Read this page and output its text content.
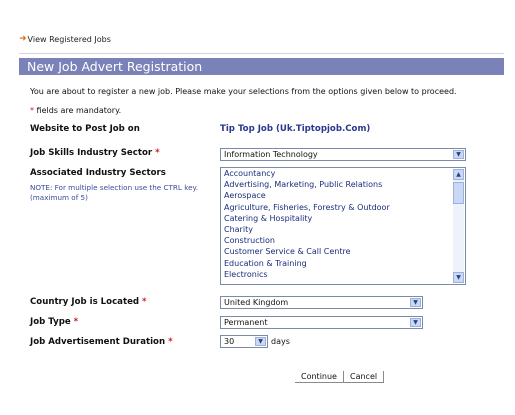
➜ View Registered Jobs
New Job Advert Registration
You are about to register a new job. Please make your selections from the options given below to proceed.
* fields are mandatory.
Website to Post Job on	Tip Top Job (Uk.Tiptopjob.Com)
Job Skills Industry Sector *	Information Technology	▼
Associated Industry Sectors
NOTE: For multiple selection use the CTRL key. (maximum of 5)
Accountancy
Advertising, Marketing, Public Relations
Aerospace
Agriculture, Fisheries, Forestry & Outdoor
Catering & Hospitality
Charity
Construction
Customer Service & Call Centre
Education & Training
Electronics
▲
▼
Country Job is Located *	United Kingdom	▼
Job Type *	Permanent	▼
Job Advertisement Duration *	30	▼	days
Continue	Cancel
